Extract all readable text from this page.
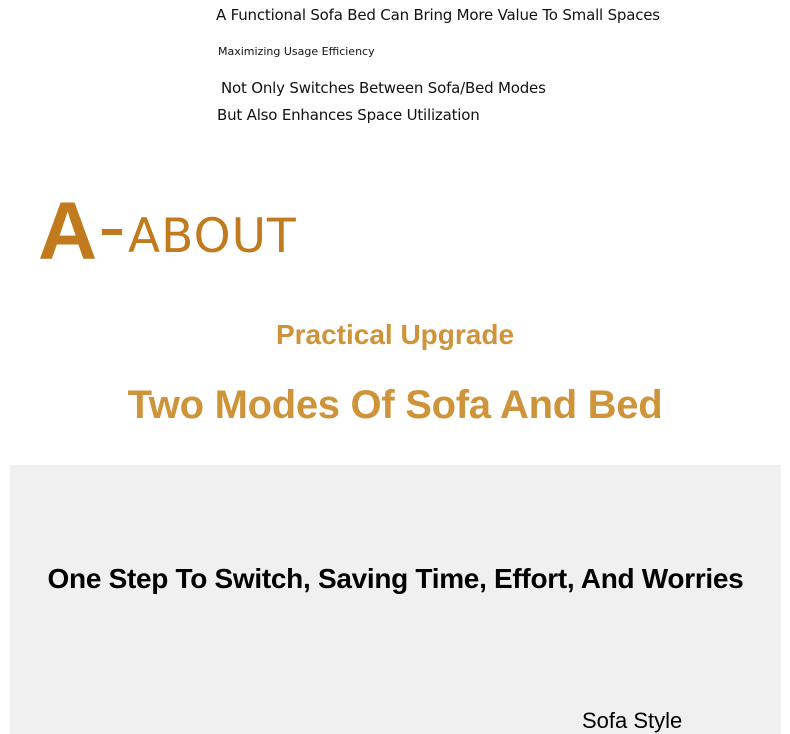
A Functional Sofa Bed Can Bring More Value To Small Spaces
Maximizing Usage Efficiency
Not Only Switches Between Sofa/Bed Modes
But Also Enhances Space Utilization
A ABOUT
Practical Upgrade
Two Modes Of Sofa And Bed
One Step To Switch, Saving Time, Effort, And Worries
Sofa Style
